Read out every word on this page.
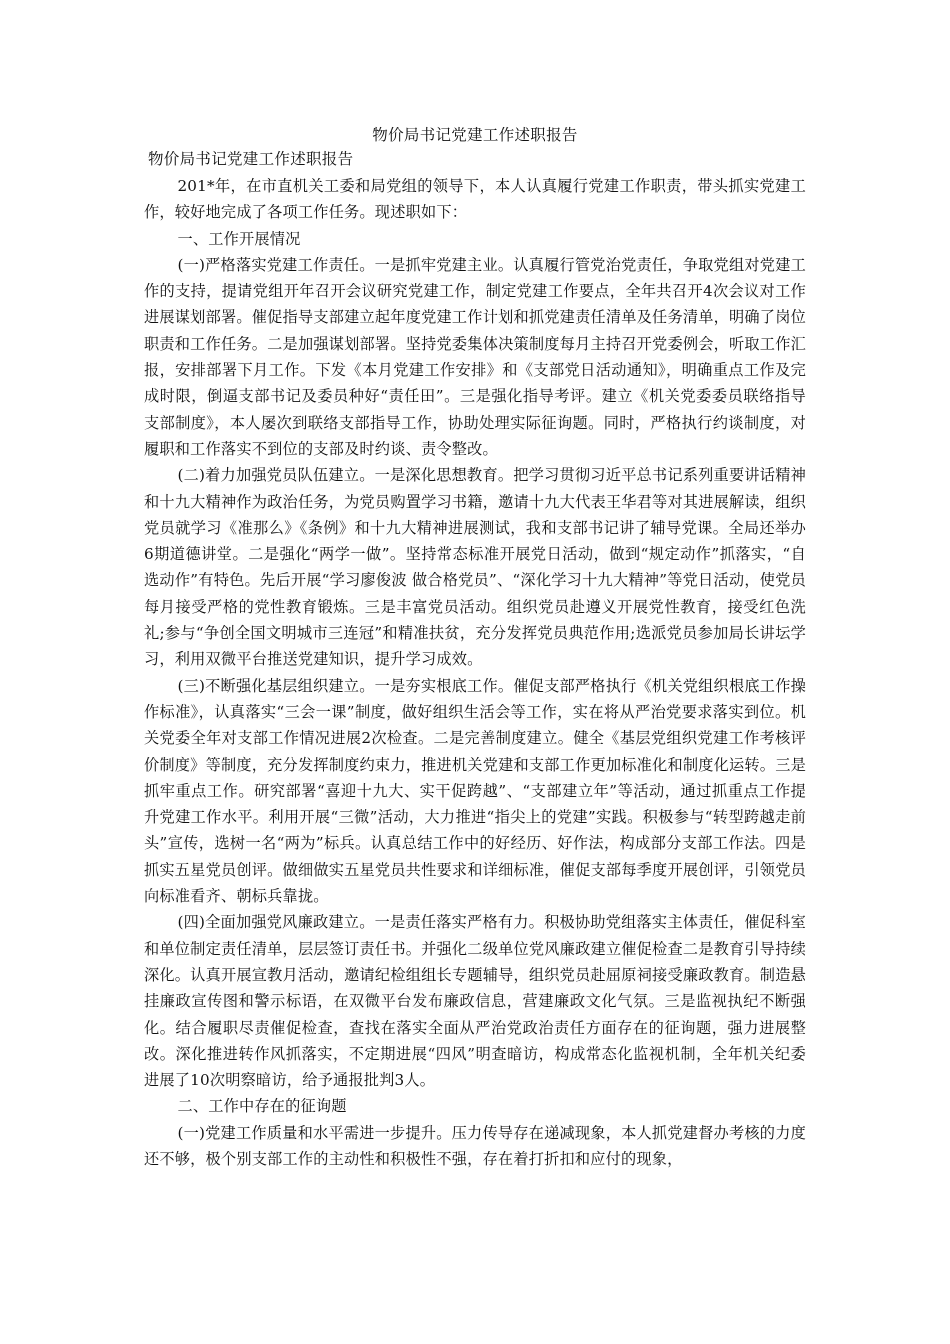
物价局书记党建工作述职报告
物价局书记党建工作述职报告

201*年，在市直机关工委和局党组的领导下，本人认真履行党建工作职责，带头抓实党建工作，较好地完成了各项工作任务。现述职如下：

一、工作开展情况

(一)严格落实党建工作责任。一是抓牢党建主业。认真履行管党治党责任，争取党组对党建工作的支持，提请党组开年召开会议研究党建工作，制定党建工作要点，全年共召开4次会议对工作进展谋划部署。催促指导支部建立起年度党建工作计划和抓党建责任清单及任务清单，明确了岗位职责和工作任务。二是加强谋划部署。坚持党委集体决策制度每月主持召开党委例会，听取工作汇报，安排部署下月工作。下发《本月党建工作安排》和《支部党日活动通知》，明确重点工作及完成时限，倒逼支部书记及委员种好“责任田”。三是强化指导考评。建立《机关党委委员联络指导支部制度》，本人屡次到联络支部指导工作，协助处理实际征询题。同时，严格执行约谈制度，对履职和工作落实不到位的支部及时约谈、责令整改。

(二)着力加强党员队伍建立。一是深化思想教育。把学习贯彻习近平总书记系列重要讲话精神和十九大精神作为政治任务，为党员购置学习书籍，邀请十九大代表王华君等对其进展解读，组织党员就学习《准那么》《条例》和十九大精神进展测试，我和支部书记讲了辅导党课。全局还举办6期道德讲堂。二是强化“两学一做”。坚持常态标准开展党日活动，做到“规定动作”抓落实，“自选动作”有特色。先后开展“学习廖俊波 做合格党员”、“深化学习十九大精神”等党日活动，使党员每月接受严格的党性教育锻炼。三是丰富党员活动。组织党员赴遵义开展党性教育，接受红色洗礼;参与“争创全国文明城市三连冠”和精准扶贫，充分发挥党员典范作用;选派党员参加局长讲坛学习，利用双微平台推送党建知识，提升学习成效。

(三)不断强化基层组织建立。一是夯实根底工作。催促支部严格执行《机关党组织根底工作操作标准》，认真落实“三会一课”制度，做好组织生活会等工作，实在将从严治党要求落实到位。机关党委全年对支部工作情况进展2次检查。二是完善制度建立。健全《基层党组织党建工作考核评价制度》等制度，充分发挥制度约束力，推进机关党建和支部工作更加标准化和制度化运转。三是抓牢重点工作。研究部署“喜迎十九大、实干促跨越”、“支部建立年”等活动，通过抓重点工作提升党建工作水平。利用开展“三微”活动，大力推进“指尖上的党建”实践。积极参与“转型跨越走前头”宣传，选树一名“两为”标兵。认真总结工作中的好经历、好作法，构成部分支部工作法。四是抓实五星党员创评。做细做实五星党员共性要求和详细标准，催促支部每季度开展创评，引领党员向标准看齐、朝标兵靠拢。

(四)全面加强党风廉政建立。一是责任落实严格有力。积极协助党组落实主体责任，催促科室和单位制定责任清单，层层签订责任书。并强化二级单位党风廉政建立催促检查二是教育引导持续深化。认真开展宣教月活动，邀请纪检组组长专题辅导，组织党员赴屈原祠接受廉政教育。制造悬挂廉政宣传图和警示标语，在双微平台发布廉政信息，营建廉政文化气氛。三是监视执纪不断强化。结合履职尽责催促检查，查找在落实全面从严治党政治责任方面存在的征询题，强力进展整改。深化推进转作风抓落实，不定期进展“四风”明查暗访，构成常态化监视机制，全年机关纪委进展了10次明察暗访，给予通报批判3人。

二、工作中存在的征询题

(一)党建工作质量和水平需进一步提升。压力传导存在递减现象，本人抓党建督办考核的力度还不够，极个别支部工作的主动性和积极性不强，存在着打折扣和应付的现象，
